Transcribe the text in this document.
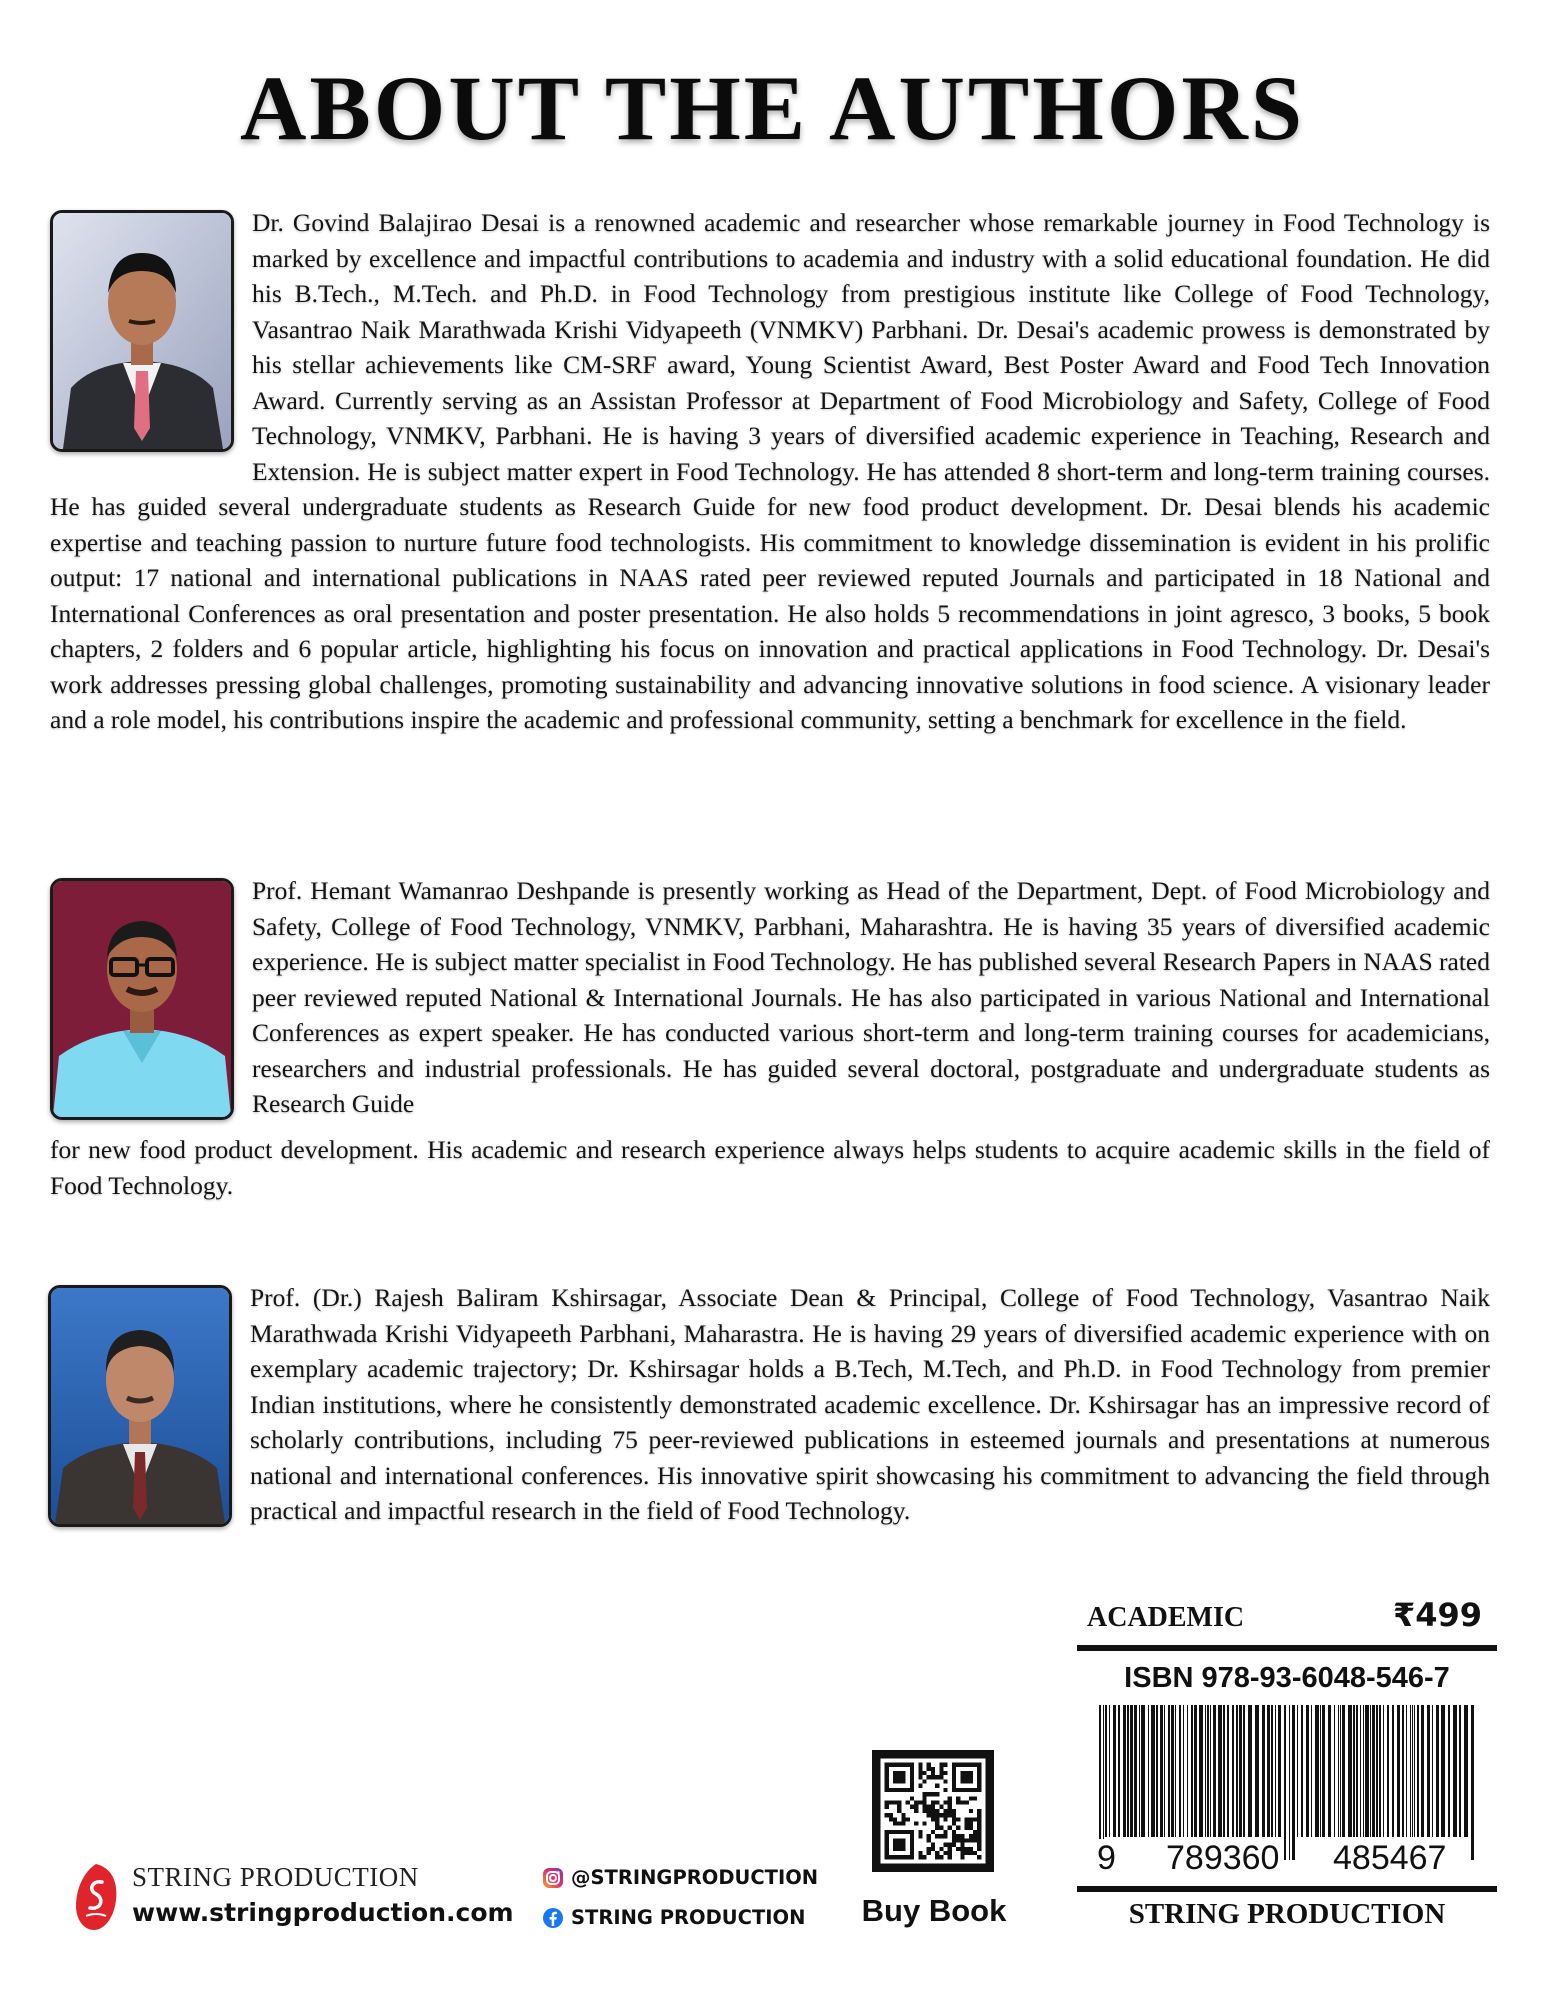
ABOUT THE AUTHORS
Dr. Govind Balajirao Desai is a renowned academic and researcher whose remarkable journey in Food Technology is marked by excellence and impactful contributions to academia and industry with a solid educational foundation. He did his B.Tech., M.Tech. and Ph.D. in Food Technology from prestigious institute like College of Food Technology, Vasantrao Naik Marathwada Krishi Vidyapeeth (VNMKV) Parbhani. Dr. Desai's academic prowess is demonstrated by his stellar achievements like CM-SRF award, Young Scientist Award, Best Poster Award and Food Tech Innovation Award. Currently serving as an Assistan Professor at Department of Food Microbiology and Safety, College of Food Technology, VNMKV, Parbhani. He is having 3 years of diversified academic experience in Teaching, Research and Extension. He is subject matter expert in Food Technology. He has attended 8 short-term and long-term training courses. He has guided several undergraduate students as Research Guide for new food product development. Dr. Desai blends his academic expertise and teaching passion to nurture future food technologists. His commitment to knowledge dissemination is evident in his prolific output: 17 national and international publications in NAAS rated peer reviewed reputed Journals and participated in 18 National and International Conferences as oral presentation and poster presentation. He also holds 5 recommendations in joint agresco, 3 books, 5 book chapters, 2 folders and 6 popular article, highlighting his focus on innovation and practical applications in Food Technology. Dr. Desai's work addresses pressing global challenges, promoting sustainability and advancing innovative solutions in food science. A visionary leader and a role model, his contributions inspire the academic and professional community, setting a benchmark for excellence in the field.
Prof. Hemant Wamanrao Deshpande is presently working as Head of the Department, Dept. of Food Microbiology and Safety, College of Food Technology, VNMKV, Parbhani, Maharashtra. He is having 35 years of diversified academic experience. He is subject matter specialist in Food Technology. He has published several Research Papers in NAAS rated peer reviewed reputed National & International Journals. He has also participated in various National and International Conferences as expert speaker. He has conducted various short-term and long-term training courses for academicians, researchers and industrial professionals. He has guided several doctoral, postgraduate and undergraduate students as Research Guide
for new food product development. His academic and research experience always helps students to acquire academic skills in the field of Food Technology.
Prof. (Dr.) Rajesh Baliram Kshirsagar, Associate Dean & Principal, College of Food Technology, Vasantrao Naik Marathwada Krishi Vidyapeeth Parbhani, Maharastra. He is having 29 years of diversified academic experience with on exemplary academic trajectory; Dr. Kshirsagar holds a B.Tech, M.Tech, and Ph.D. in Food Technology from premier Indian institutions, where he consistently demonstrated academic excellence. Dr. Kshirsagar has an impressive record of scholarly contributions, including 75 peer-reviewed publications in esteemed journals and presentations at numerous national and international conferences. His innovative spirit showcasing his commitment to advancing the field through practical and impactful research in the field of Food Technology.
ACADEMIC	₹499
ISBN 978-93-6048-546-7
9 789360 485467
STRING PRODUCTION
Buy Book
STRING PRODUCTION
www.stringproduction.com
@STRINGPRODUCTION
STRING PRODUCTION
